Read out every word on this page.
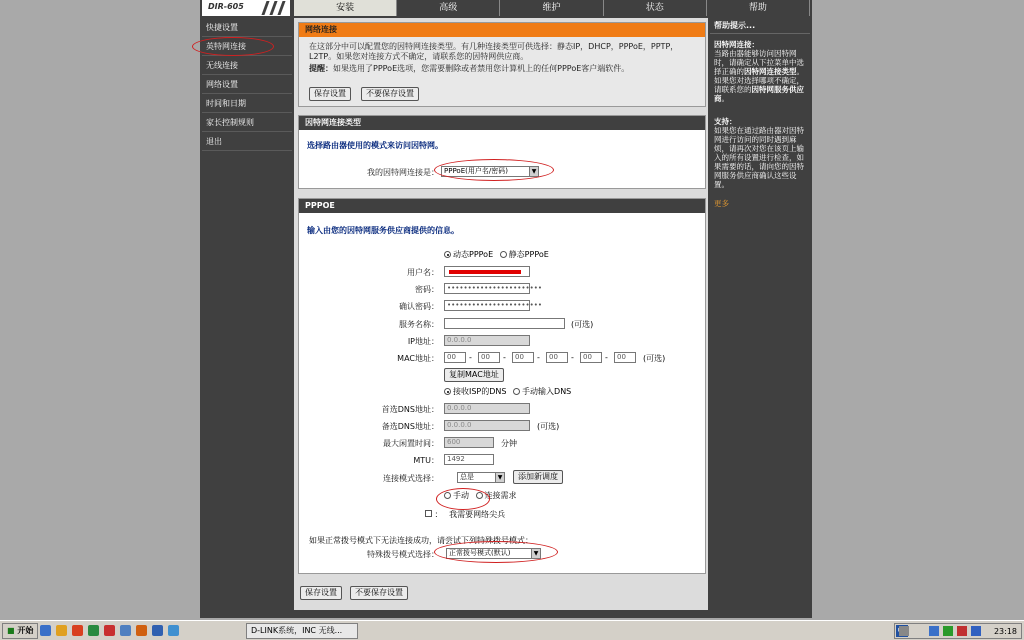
DIR-605	安装	高级	维护	状态	帮助
快捷设置
英特网连接
无线连接
网络设置
时间和日期
家长控制规则
退出
网络连接
在这部分中可以配置您的因特网连接类型。有几种连接类型可供选择：静态IP，DHCP，PPPoE，PPTP，L2TP。如果您对连接方式不确定，请联系您的因特网供应商。
提醒：如果选用了PPPoE选项，您需要删除或者禁用您计算机上的任何PPPoE客户端软件。
保存设置	不要保存设置
因特网连接类型
选择路由器使用的模式来访问因特网。
我的因特网连接是： PPPoE(用户名/密码)	▼
PPPOE
输入由您的因特网服务供应商提供的信息。
动态PPPoE 静态PPPoE
用户名：
密码：	•••••••••••••••••••••••
确认密码：	•••••••••••••••••••••••
服务名称：	(可选)
IP地址：	0.0.0.0
MAC地址：	00	-	00	-	00	-	00	-	00	-	00	(可选)
复制MAC地址
接收ISP的DNS 手动输入DNS
首选DNS地址：	0.0.0.0
备选DNS地址：	0.0.0.0	(可选)
最大闲置时间：	600	分钟
MTU：	1492
连接模式选择：	总是	▼	添加新调度
手动 连接需求
： 我需要网络尖兵
如果正常拨号模式下无法连接成功，请尝试下列特殊拨号模式：
特殊拨号模式选择：	正常拨号模式(默认)	▼
保存设置	不要保存设置
帮助提示...
因特网连接：
当路由器能够访问因特网时，请确定从下拉菜单中选择正确的因特网连接类型。如果您对选择哪项不确定，请联系您的因特网服务供应商。
支持：
如果您在通过路由器对因特网进行访问的同时遇到麻烦，请再次对您在该页上输入的所有设置进行检查，如果需要的话，请向您的因特网服务供应商确认这些设置。
更多
■ 开始	D-LINK系统，INC 无线...	23:18
